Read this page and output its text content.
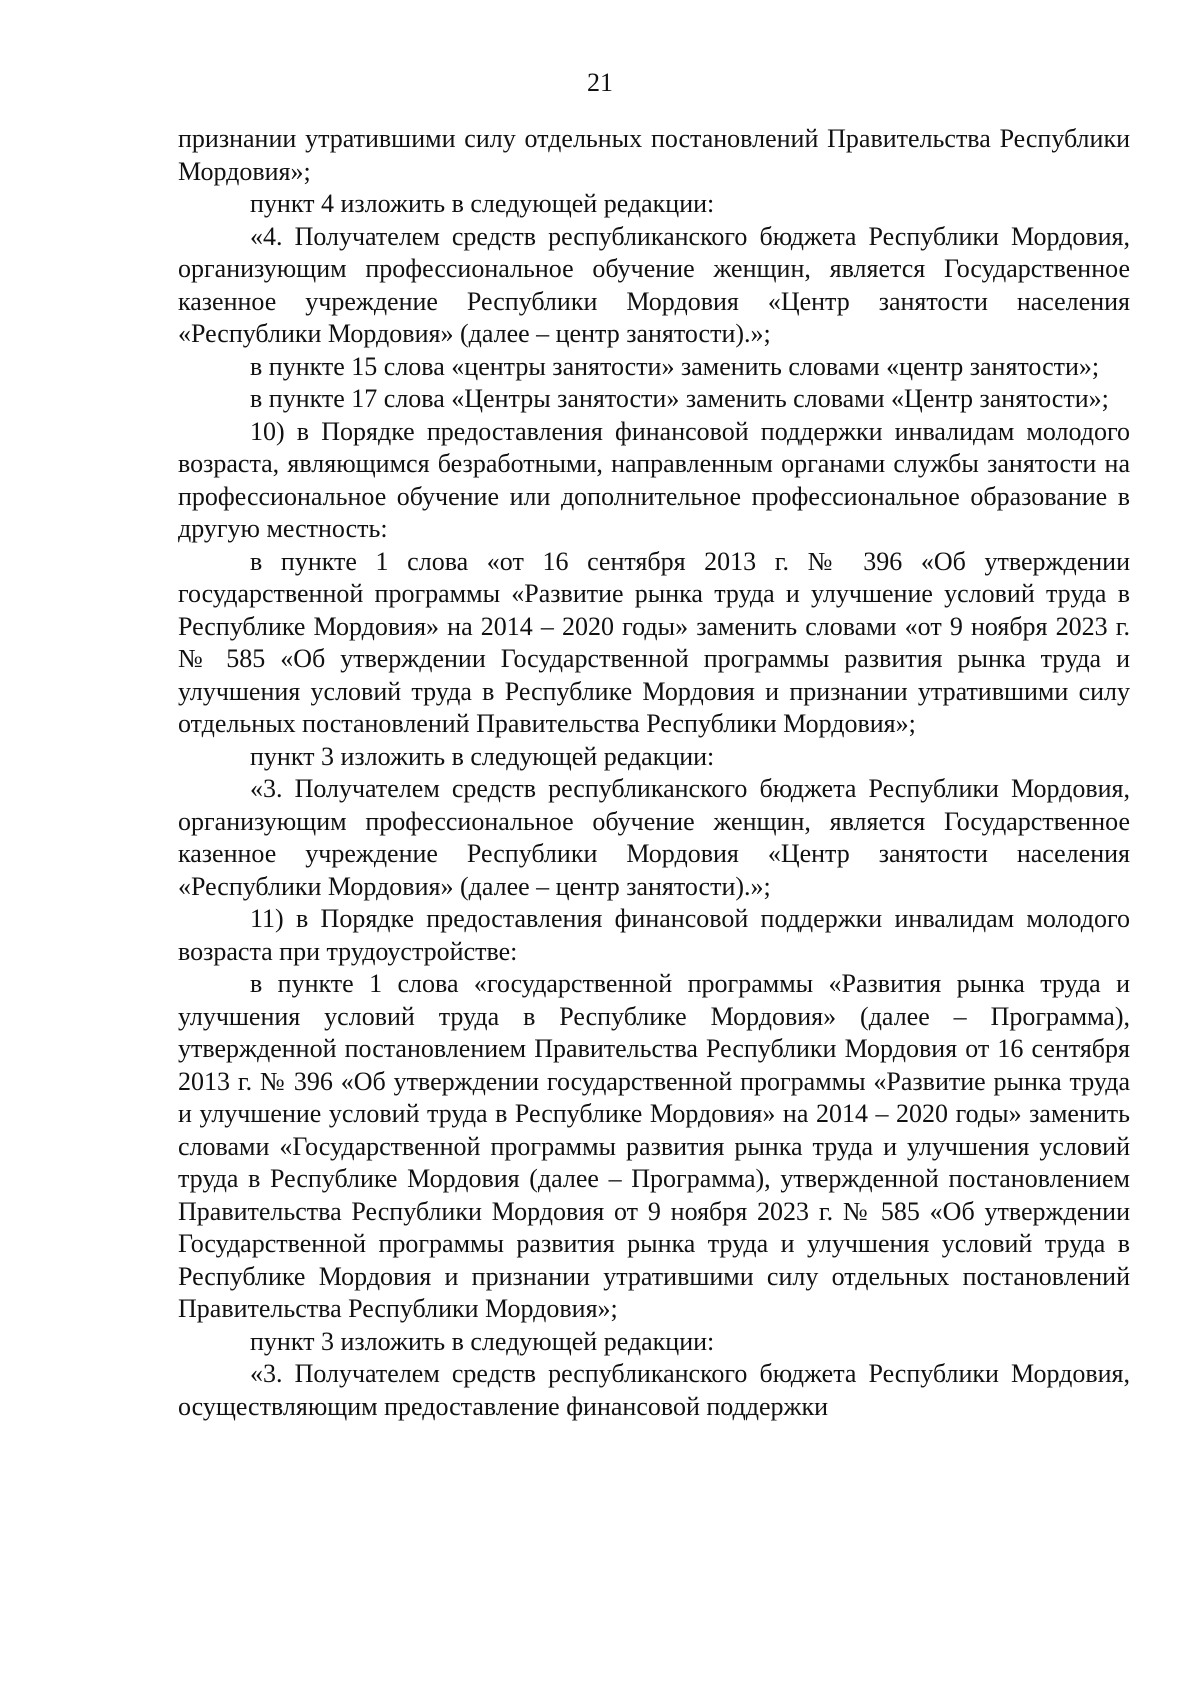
21

признании утратившими силу отдельных постановлений Правительства Республики Мордовия»;

пункт 4 изложить в следующей редакции:

«4. Получателем средств республиканского бюджета Республики Мордовия, организующим профессиональное обучение женщин, является Государственное казенное учреждение Республики Мордовия «Центр занятости населения «Республики Мордовия» (далее – центр занятости).»;

в пункте 15 слова «центры занятости» заменить словами «центр занятости»;

в пункте 17 слова «Центры занятости» заменить словами «Центр занятости»;

10) в Порядке предоставления финансовой поддержки инвалидам молодого возраста, являющимся безработными, направленным органами службы занятости на профессиональное обучение или дополнительное профессиональное образование в другую местность:

в пункте 1 слова «от 16 сентября 2013 г. № 396 «Об утверждении государственной программы «Развитие рынка труда и улучшение условий труда в Республике Мордовия» на 2014 – 2020 годы» заменить словами «от 9 ноября 2023 г. № 585 «Об утверждении Государственной программы развития рынка труда и улучшения условий труда в Республике Мордовия и признании утратившими силу отдельных постановлений Правительства Республики Мордовия»;

пункт 3 изложить в следующей редакции:

«3. Получателем средств республиканского бюджета Республики Мордовия, организующим профессиональное обучение женщин, является Государственное казенное учреждение Республики Мордовия «Центр занятости населения «Республики Мордовия» (далее – центр занятости).»;

11) в Порядке предоставления финансовой поддержки инвалидам молодого возраста при трудоустройстве:

в пункте 1 слова «государственной программы «Развития рынка труда и улучшения условий труда в Республике Мордовия» (далее – Программа), утвержденной постановлением Правительства Республики Мордовия от 16 сентября 2013 г. № 396 «Об утверждении государственной программы «Развитие рынка труда и улучшение условий труда в Республике Мордовия» на 2014 – 2020 годы» заменить словами «Государственной программы развития рынка труда и улучшения условий труда в Республике Мордовия (далее – Программа), утвержденной постановлением Правительства Республики Мордовия от 9 ноября 2023 г. № 585 «Об утверждении Государственной программы развития рынка труда и улучшения условий труда в Республике Мордовия и признании утратившими силу отдельных постановлений Правительства Республики Мордовия»;

пункт 3 изложить в следующей редакции:

«3. Получателем средств республиканского бюджета Республики Мордовия, осуществляющим предоставление финансовой поддержки
